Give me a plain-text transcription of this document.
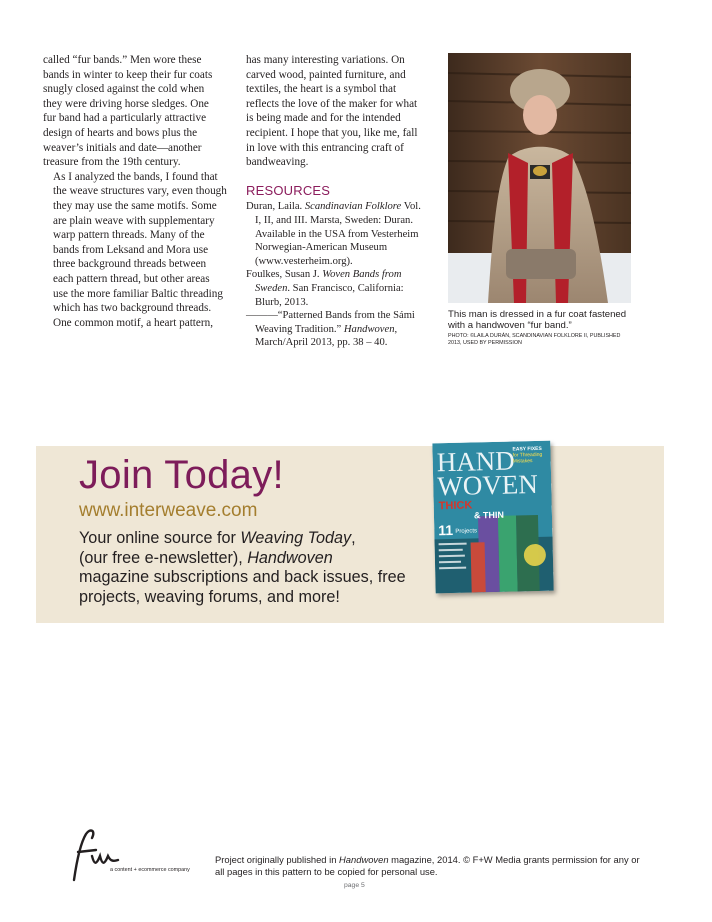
called “fur bands.” Men wore these
bands in winter to keep their fur coats
snugly closed against the cold when
they were driving horse sledges. One
fur band had a particularly attractive
design of hearts and bows plus the
weaver’s initials and date—another
treasure from the 19th century.

As I analyzed the bands, I found that
the weave structures vary, even though
they may use the same motifs. Some
are plain weave with supplementary
warp pattern threads. Many of the
bands from Leksand and Mora use
three background threads between
each pattern thread, but other areas
use the more familiar Baltic threading
which has two background threads.

One common motif, a heart pattern,

has many interesting variations. On
carved wood, painted furniture, and
textiles, the heart is a symbol that
reflects the love of the maker for what
is being made and for the intended
recipient. I hope that you, like me, fall
in love with this entrancing craft of
bandweaving.

RESOURCES

Duran, Laila. Scandinavian Folklore Vol. I, II, and III. Marsta, Sweden: Duran. Available in the USA from Vesterheim Norwegian-American Museum (www.vesterheim.org).

Foulkes, Susan J. Woven Bands from Sweden. San Francisco, California: Blurb, 2013.

———“Patterned Bands from the Sámi Weaving Tradition.” Handwoven, March/April 2013, pp. 38 – 40.

This man is dressed in a fur coat fastened
with a handwoven “fur band.”
PHOTO: ©LAILA DURÁN, SCANDINAVIAN FOLKLORE II, PUBLISHED
2013, USED BY PERMISSION
Join Today!
www.interweave.com
Your online source for Weaving Today,
(our free e-newsletter), Handwoven
magazine subscriptions and back issues, free
projects, weaving forums, and more!
HAND
WOVEN
EASY FIXES
for Threading
Mistakes
THICK
& THIN
11 Projects
a content + ecommerce company
Project originally published in Handwoven magazine, 2014. © F+W Media grants permission for any or
all pages in this pattern to be copied for personal use.
page 5
